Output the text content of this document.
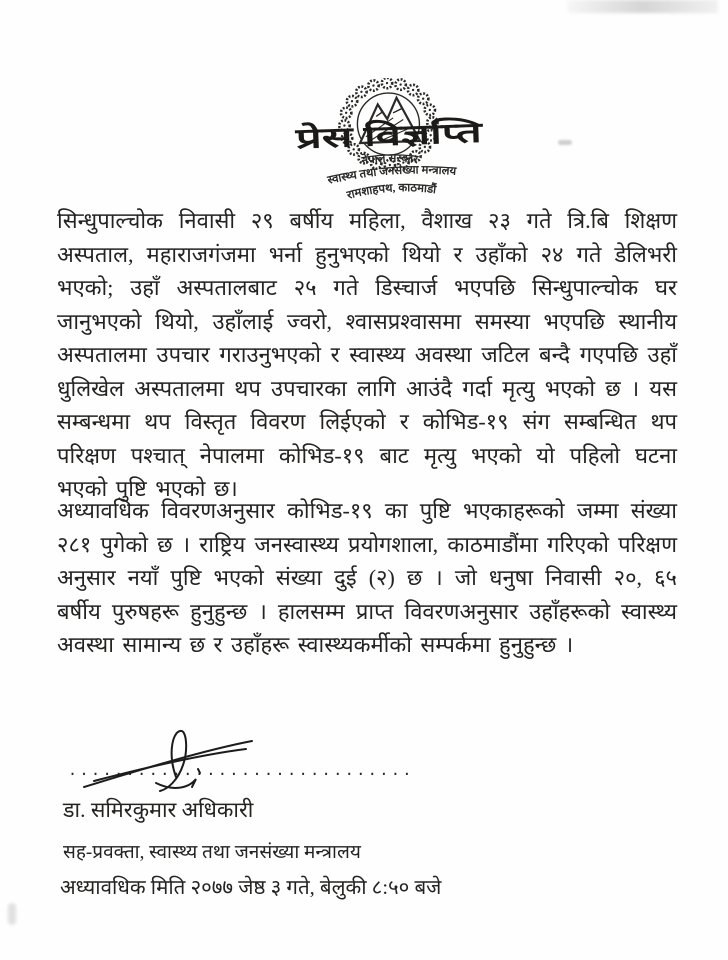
प्रेस विज्ञप्ति
नेपाल सरकार
स्वास्थ्य तथा जनसंख्या मन्त्रालय
रामशाहपथ, काठमाडौं

सिन्धुपाल्चोक निवासी २९ बर्षीय महिला, वैशाख २३ गते त्रि.बि शिक्षण अस्पताल, महाराजगंजमा भर्ना हुनुभएको थियो र उहाँको २४ गते डेलिभरी भएको; उहाँ अस्पतालबाट २५ गते डिस्चार्ज भएपछि सिन्धुपाल्चोक घर जानुभएको थियो, उहाँलाई ज्वरो, श्वासप्रश्वासमा समस्या भएपछि स्थानीय अस्पतालमा उपचार गराउनुभएको र स्वास्थ्य अवस्था जटिल बन्दै गएपछि उहाँ धुलिखेल अस्पतालमा थप उपचारका लागि आउंदै गर्दा मृत्यु भएको छ । यस सम्बन्धमा थप विस्तृत विवरण लिईएको र कोभिड-१९ संग सम्बन्धित थप परिक्षण पश्चात् नेपालमा कोभिड-१९ बाट मृत्यु भएको यो पहिलो घटना भएको पुष्टि भएको छ।

अध्यावधिक विवरणअनुसार कोभिड-१९ का पुष्टि भएकाहरूको जम्मा संख्या २८१ पुगेको छ । राष्ट्रिय जनस्वास्थ्य प्रयोगशाला, काठमाडौंमा गरिएको परिक्षण अनुसार नयाँ पुष्टि भएको संख्या दुई (२) छ । जो धनुषा निवासी २०, ६५ बर्षीय पुरुषहरू हुनुहुन्छ । हालसम्म प्राप्त विवरणअनुसार उहाँहरूको स्वास्थ्य अवस्था सामान्य छ र उहाँहरू स्वास्थ्यकर्मीको सम्पर्कमा हुनुहुन्छ ।

..............................
डा. समिरकुमार अधिकारी
सह-प्रवक्ता, स्वास्थ्य तथा जनसंख्या मन्त्रालय
अध्यावधिक मिति २०७७ जेष्ठ ३ गते, बेलुकी ८:५० बजे
